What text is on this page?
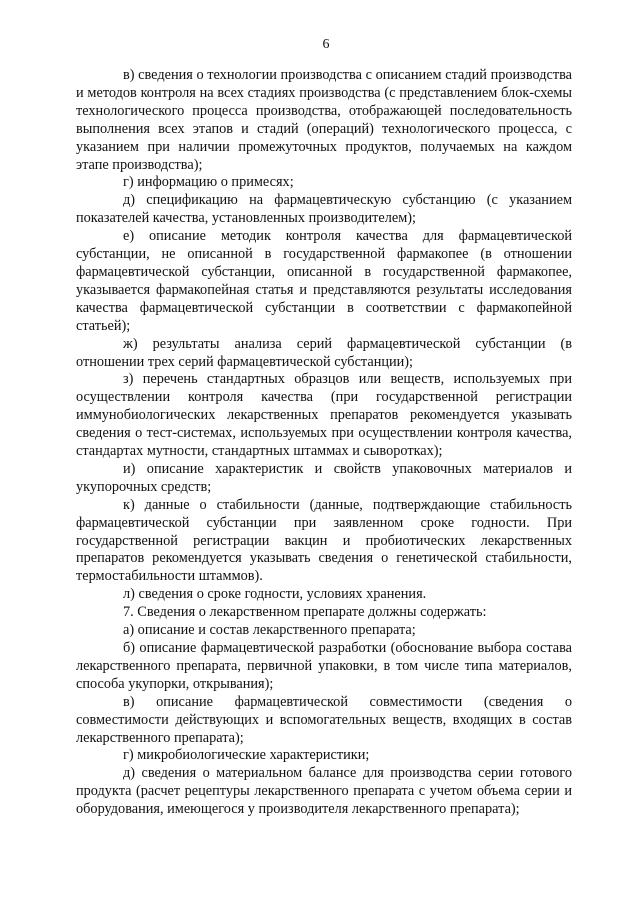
6

в) сведения о технологии производства с описанием стадий производства и методов контроля на всех стадиях производства (с представлением блок-схемы технологического процесса производства, отображающей последовательность выполнения всех этапов и стадий (операций) технологического процесса, с указанием при наличии промежуточных продуктов, получаемых на каждом этапе производства);

г) информацию о примесях;

д) спецификацию на фармацевтическую субстанцию (с указанием показателей качества, установленных производителем);

е) описание методик контроля качества для фармацевтической субстанции, не описанной в государственной фармакопее (в отношении фармацевтической субстанции, описанной в государственной фармакопее, указывается фармакопейная статья и представляются результаты исследования качества фармацевтической субстанции в соответствии с фармакопейной статьей);

ж) результаты анализа серий фармацевтической субстанции (в отношении трех серий фармацевтической субстанции);

з) перечень стандартных образцов или веществ, используемых при осуществлении контроля качества (при государственной регистрации иммунобиологических лекарственных препаратов рекомендуется указывать сведения о тест-системах, используемых при осуществлении контроля качества, стандартах мутности, стандартных штаммах и сыворотках);

и) описание характеристик и свойств упаковочных материалов и укупорочных средств;

к) данные о стабильности (данные, подтверждающие стабильность фармацевтической субстанции при заявленном сроке годности. При государственной регистрации вакцин и пробиотических лекарственных препаратов рекомендуется указывать сведения о генетической стабильности, термостабильности штаммов).

л) сведения о сроке годности, условиях хранения.

7. Сведения о лекарственном препарате должны содержать:

а) описание и состав лекарственного препарата;

б) описание фармацевтической разработки (обоснование выбора состава лекарственного препарата, первичной упаковки, в том числе типа материалов, способа укупорки, открывания);

в) описание фармацевтической совместимости (сведения о совместимости действующих и вспомогательных веществ, входящих в состав лекарственного препарата);

г) микробиологические характеристики;

д) сведения о материальном балансе для производства серии готового продукта (расчет рецептуры лекарственного препарата с учетом объема серии и оборудования, имеющегося у производителя лекарственного препарата);
